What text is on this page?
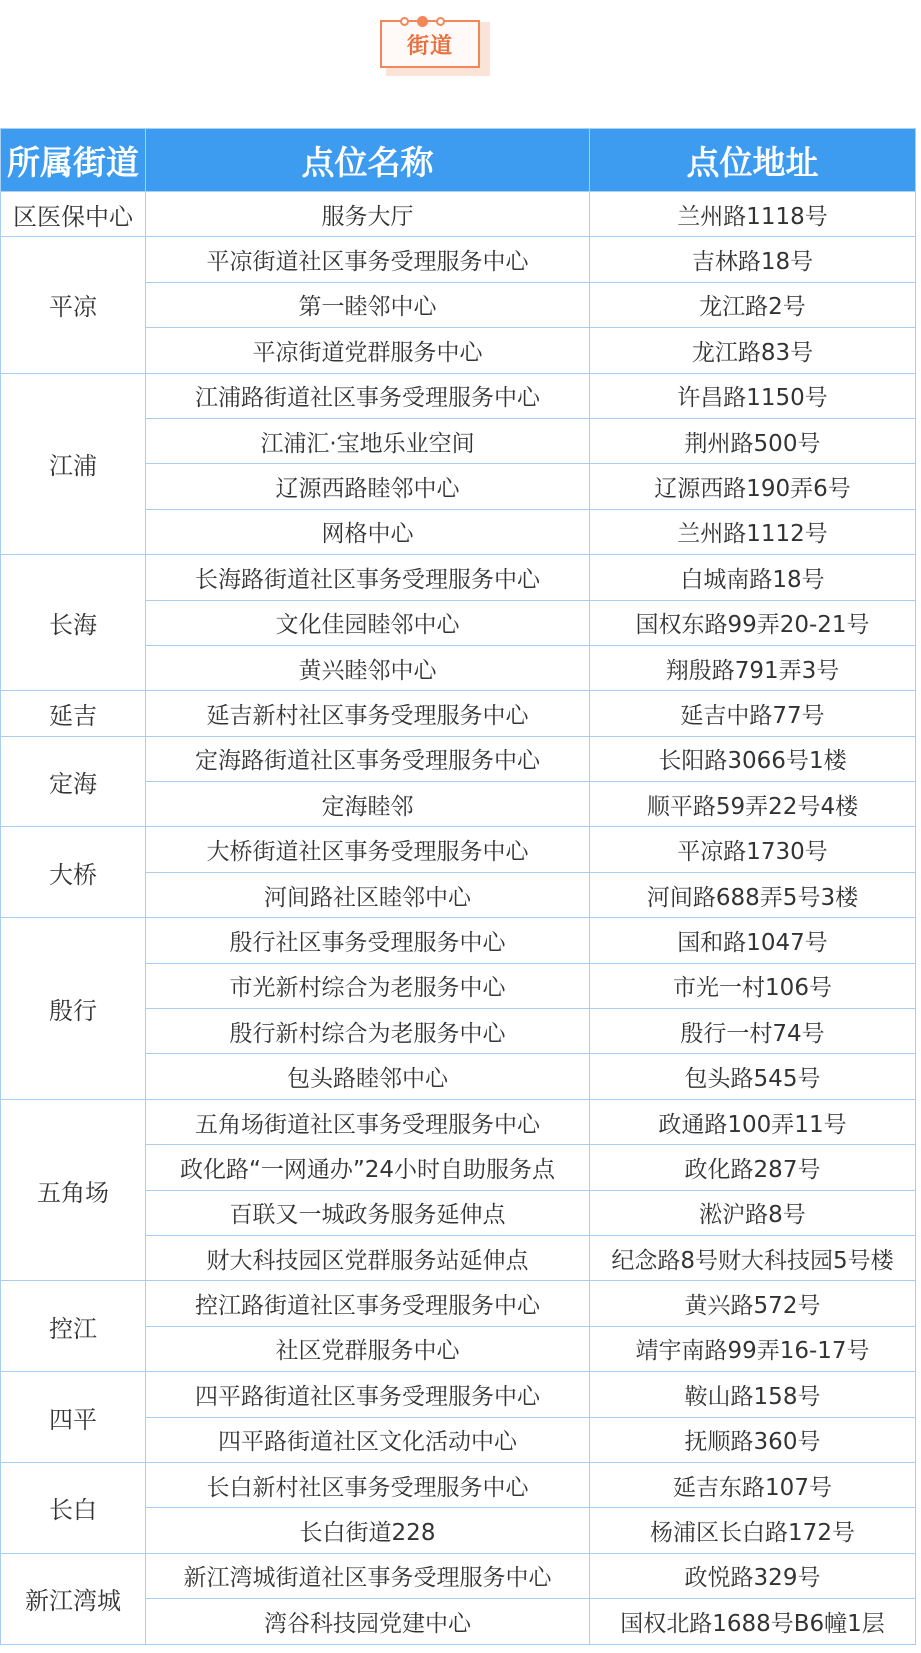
街道
所属街道	点位名称	点位地址
区医保中心	服务大厅	兰州路1118号
平凉	平凉街道社区事务受理服务中心	吉林路18号
	第一睦邻中心	龙江路2号
	平凉街道党群服务中心	龙江路83号
江浦	江浦路街道社区事务受理服务中心	许昌路1150号
	江浦汇·宝地乐业空间	荆州路500号
	辽源西路睦邻中心	辽源西路190弄6号
	网格中心	兰州路1112号
长海	长海路街道社区事务受理服务中心	白城南路18号
	文化佳园睦邻中心	国权东路99弄20-21号
	黄兴睦邻中心	翔殷路791弄3号
延吉	延吉新村社区事务受理服务中心	延吉中路77号
定海	定海路街道社区事务受理服务中心	长阳路3066号1楼
	定海睦邻	顺平路59弄22号4楼
大桥	大桥街道社区事务受理服务中心	平凉路1730号
	河间路社区睦邻中心	河间路688弄5号3楼
殷行	殷行社区事务受理服务中心	国和路1047号
	市光新村综合为老服务中心	市光一村106号
	殷行新村综合为老服务中心	殷行一村74号
	包头路睦邻中心	包头路545号
五角场	五角场街道社区事务受理服务中心	政通路100弄11号
	政化路“一网通办”24小时自助服务点	政化路287号
	百联又一城政务服务延伸点	淞沪路8号
	财大科技园区党群服务站延伸点	纪念路8号财大科技园5号楼
控江	控江路街道社区事务受理服务中心	黄兴路572号
	社区党群服务中心	靖宇南路99弄16-17号
四平	四平路街道社区事务受理服务中心	鞍山路158号
	四平路街道社区文化活动中心	抚顺路360号
长白	长白新村社区事务受理服务中心	延吉东路107号
	长白街道228	杨浦区长白路172号
新江湾城	新江湾城街道社区事务受理服务中心	政悦路329号
	湾谷科技园党建中心	国权北路1688号B6幢1层
